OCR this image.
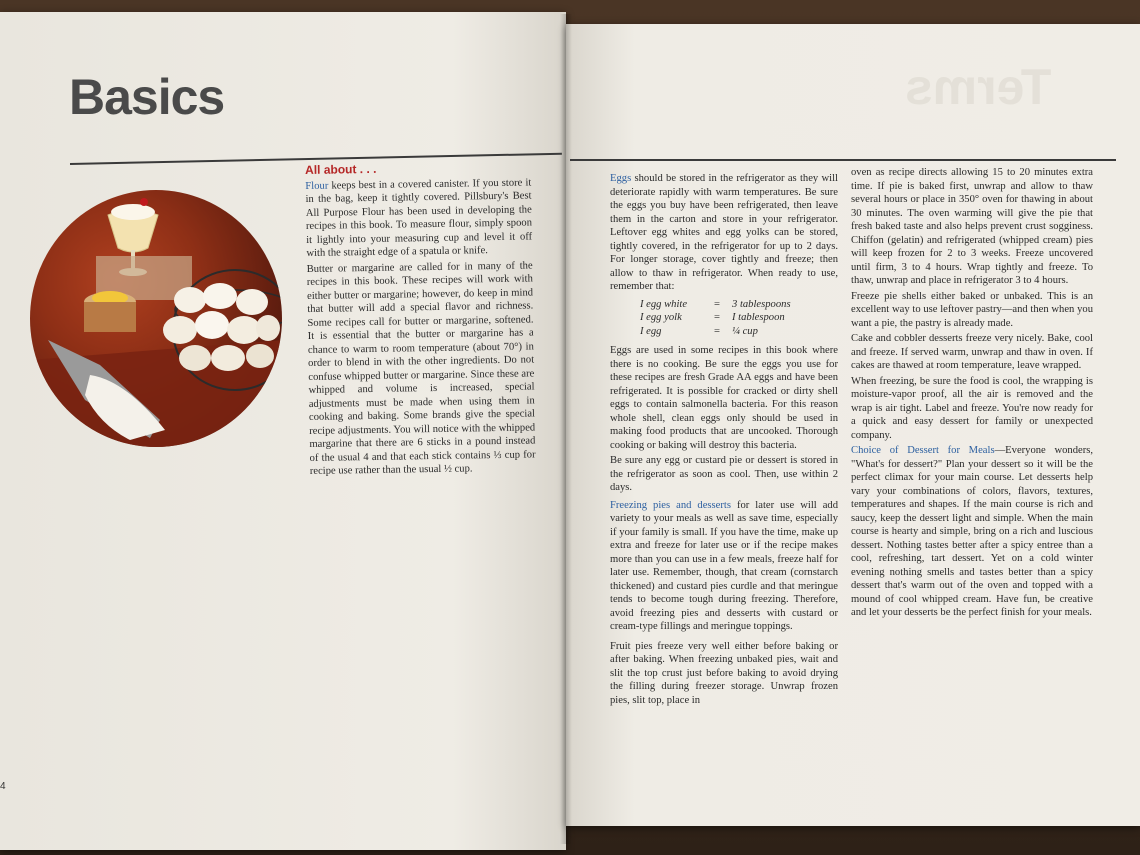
Terms
Basics
All about . . .

Flour keeps best in a covered canister. If you store it in the bag, keep it tightly covered. Pillsbury's Best All Purpose Flour has been used in developing the recipes in this book. To measure flour, simply spoon it lightly into your measuring cup and level it off with the straight edge of a spatula or knife.

Butter or margarine are called for in many of the recipes in this book. These recipes will work with either butter or margarine; however, do keep in mind that butter will add a special flavor and richness. Some recipes call for butter or margarine, softened. It is essential that the butter or margarine has a chance to warm to room temperature (about 70°) in order to blend in with the other ingredients. Do not confuse whipped butter or margarine. Since these are whipped and volume is increased, special adjustments must be made when using them in cooking and baking. Some brands give the special recipe adjustments. You will notice with the whipped margarine that there are 6 sticks in a pound instead of the usual 4 and that each stick contains ⅓ cup for recipe use rather than the usual ½ cup.

4

Eggs should be stored in the refrigerator as they will deteriorate rapidly with warm temperatures. Be sure the eggs you buy have been refrigerated, then leave them in the carton and store in your refrigerator. Leftover egg whites and egg yolks can be stored, tightly covered, in the refrigerator for up to 2 days. For longer storage, cover tightly and freeze; then allow to thaw in refrigerator. When ready to use, remember that:

I egg white	=	3 tablespoons
I egg yolk	=	I tablespoon
I egg	=	¼ cup

Eggs are used in some recipes in this book where there is no cooking. Be sure the eggs you use for these recipes are fresh Grade AA eggs and have been refrigerated. It is possible for cracked or dirty shell eggs to contain salmonella bacteria. For this reason whole shell, clean eggs only should be used in making food products that are uncooked. Thorough cooking or baking will destroy this bacteria.

Be sure any egg or custard pie or dessert is stored in the refrigerator as soon as cool. Then, use within 2 days.

Freezing pies and desserts for later use will add variety to your meals as well as save time, especially if your family is small. If you have the time, make up extra and freeze for later use or if the recipe makes more than you can use in a few meals, freeze half for later use. Remember, though, that cream (cornstarch thickened) and custard pies curdle and that meringue tends to become tough during freezing. Therefore, avoid freezing pies and desserts with custard or cream-type fillings and meringue toppings.

Fruit pies freeze very well either before baking or after baking. When freezing unbaked pies, wait and slit the top crust just before baking to avoid drying the filling during freezer storage. Unwrap frozen pies, slit top, place in

oven as recipe directs allowing 15 to 20 minutes extra time. If pie is baked first, unwrap and allow to thaw several hours or place in 350° oven for thawing in about 30 minutes. The oven warming will give the pie that fresh baked taste and also helps prevent crust sogginess. Chiffon (gelatin) and refrigerated (whipped cream) pies will keep frozen for 2 to 3 weeks. Freeze uncovered until firm, 3 to 4 hours. Wrap tightly and freeze. To thaw, unwrap and place in refrigerator 3 to 4 hours.

Freeze pie shells either baked or unbaked. This is an excellent way to use leftover pastry—and then when you want a pie, the pastry is already made.

Cake and cobbler desserts freeze very nicely. Bake, cool and freeze. If served warm, unwrap and thaw in oven. If cakes are thawed at room temperature, leave wrapped.

When freezing, be sure the food is cool, the wrapping is moisture-vapor proof, all the air is removed and the wrap is air tight. Label and freeze. You're now ready for a quick and easy dessert for family or unexpected company.

Choice of Dessert for Meals—Everyone wonders, "What's for dessert?" Plan your dessert so it will be the perfect climax for your main course. Let desserts help vary your combinations of colors, flavors, textures, temperatures and shapes. If the main course is rich and saucy, keep the dessert light and simple. When the main course is hearty and simple, bring on a rich and luscious dessert. Nothing tastes better after a spicy entree than a cool, refreshing, tart dessert. Yet on a cold winter evening nothing smells and tastes better than a spicy dessert that's warm out of the oven and topped with a mound of cool whipped cream. Have fun, be creative and let your desserts be the perfect finish for your meals.
